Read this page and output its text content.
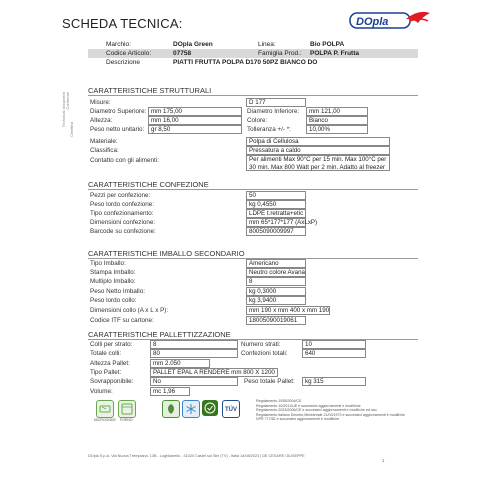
SCHEDA TECNICA:	DOpla
Marchio:	DOpla Green	Linea:	Bio POLPA
Codice Articolo:	07758	Famiglia Prod.: POLPA P. Frutta
Descrizione	PIATTI FRUTTA POLPA D170 50PZ BIANCO DO
Technical document Conforme
Certified
CARATTERISTICHE STRUTTURALI
Misure:	D 177
Diametro Superiore: mm 175,00	Diametro Inferiore:	mm 121,00
Altezza:	mm 16,00	Colore:	Bianco
Peso netto unitario:	gr 8,50	Tolleranza +/- *:	10,00%
Materiale:	Polpa di Cellulosa
Classifica:	Pressatura a caldo
Contatto con gli alimenti:	Per alimenti Max 90°C per 15 min. Max 100°C per 30 min. Max 800 Watt per 2 min. Adatto al freezer
CARATTERISTICHE CONFEZIONE
Pezzi per confezione:	50
Peso lordo confezione:	kg 0,4550
Tipo confezionamento:	LDPE t.retratta+etic
Dimensioni confezione:	mm 65*177*177 (AxLxP)
Barcode su confezione:	8005090009997
CARATTERISTICHE IMBALLO SECONDARIO
Tipo Imballo:	Americano
Stampa Imballo:	Neutro colore Avana
Multiplo Imballo:	8
Peso Netto Imballo:	kg 0,3000
Peso lordo collo:	kg 3,9400
Dimensioni collo (A x L x P):	mm 190 x mm 400 x mm 190
Codice ITF su cartone:	18005090019061
CARATTERISTICHE PALLETTIZZAZIONE
Colli per strato:	8	Numero strati:	10
Totale colli:	80	Confezioni totali:	640
Altezza Pallet:	mm 2.050
Tipo Pallet:	PALLET EPAL A RENDERE mm 800 X 1200
Sovrapponibile:	No	Peso totale Pallet:	kg 315
Volume:	mc 1,96
MICROONDE FORNO
TÜV
Regolamento 1935/2004/CE
Regolamento 10/2011/UE e successivi aggiornamenti e modifiche
Regolamento 2023/2006/CE e successivi aggiornamenti e modifiche ed uso
Regolamento italiano Decreto Ministeriale 21/03/1973 e successivi aggiornamenti e modifiche
DPR 777/82 e successivi aggiornamenti e modifiche
DOpla S.p.A. Via Nuova Trempiana, 13B - Loghlianello - 31020 Castel sul Sile (TV) - Italia 14/08/2023 | DE CESARE GIUSEPPE
1
